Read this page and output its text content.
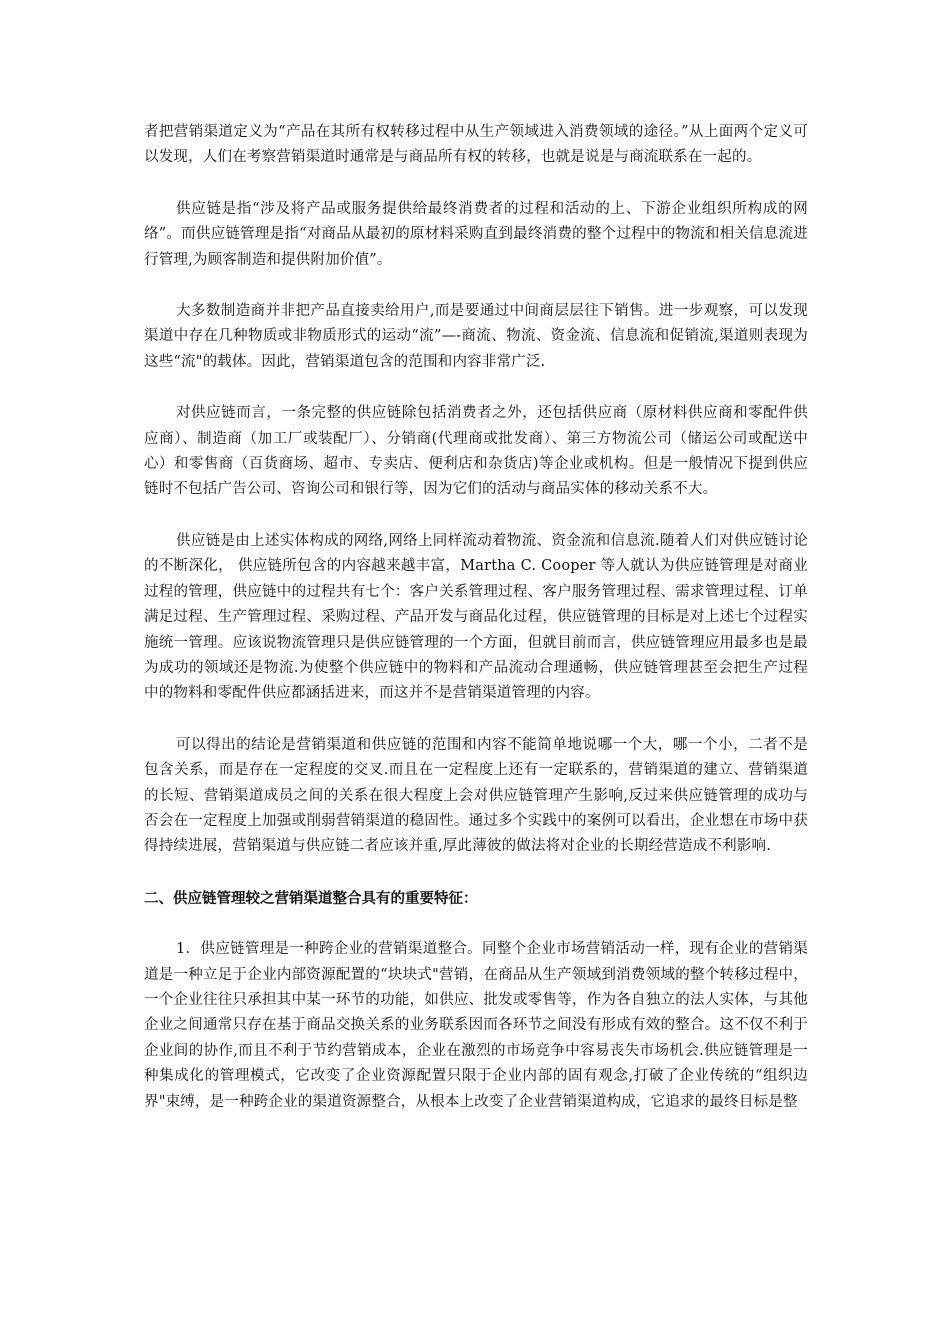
者把营销渠道定义为“产品在其所有权转移过程中从生产领域进入消费领域的途径。”从上面两个定义可以发现，人们在考察营销渠道时通常是与商品所有权的转移，也就是说是与商流联系在一起的。

供应链是指“涉及将产品或服务提供给最终消费者的过程和活动的上、下游企业组织所构成的网络”。而供应链管理是指“对商品从最初的原材料采购直到最终消费的整个过程中的物流和相关信息流进行管理,为顾客制造和提供附加价值”。

大多数制造商并非把产品直接卖给用户,而是要通过中间商层层往下销售。进一步观察，可以发现渠道中存在几种物质或非物质形式的运动“流”—-商流、物流、资金流、信息流和促销流,渠道则表现为这些“流"的载体。因此，营销渠道包含的范围和内容非常广泛.

对供应链而言，一条完整的供应链除包括消费者之外，还包括供应商（原材料供应商和零配件供应商）、制造商（加工厂或装配厂）、分销商(代理商或批发商）、第三方物流公司（储运公司或配送中心）和零售商（百货商场、超市、专卖店、便利店和杂货店)等企业或机构。但是一般情况下提到供应链时不包括广告公司、咨询公司和银行等，因为它们的活动与商品实体的移动关系不大。

供应链是由上述实体构成的网络,网络上同样流动着物流、资金流和信息流.随着人们对供应链讨论的不断深化， 供应链所包含的内容越来越丰富，Martha C. Cooper 等人就认为供应链管理是对商业过程的管理，供应链中的过程共有七个：客户关系管理过程、客户服务管理过程、需求管理过程、订单满足过程、生产管理过程、采购过程、产品开发与商品化过程，供应链管理的目标是对上述七个过程实施统一管理。应该说物流管理只是供应链管理的一个方面，但就目前而言，供应链管理应用最多也是最为成功的领域还是物流.为使整个供应链中的物料和产品流动合理通畅，供应链管理甚至会把生产过程中的物料和零配件供应都涵括进来，而这并不是营销渠道管理的内容。

可以得出的结论是营销渠道和供应链的范围和内容不能简单地说哪一个大，哪一个小，二者不是包含关系，而是存在一定程度的交叉.而且在一定程度上还有一定联系的，营销渠道的建立、营销渠道的长短、营销渠道成员之间的关系在很大程度上会对供应链管理产生影响,反过来供应链管理的成功与否会在一定程度上加强或削弱营销渠道的稳固性。通过多个实践中的案例可以看出，企业想在市场中获得持续进展，营销渠道与供应链二者应该并重,厚此薄彼的做法将对企业的长期经营造成不利影响.

二、供应链管理较之营销渠道整合具有的重要特征：

1．供应链管理是一种跨企业的营销渠道整合。同整个企业市场营销活动一样，现有企业的营销渠道是一种立足于企业内部资源配置的“块块式"营销，在商品从生产领域到消费领域的整个转移过程中，一个企业往往只承担其中某一环节的功能，如供应、批发或零售等，作为各自独立的法人实体，与其他企业之间通常只存在基于商品交换关系的业务联系因而各环节之间没有形成有效的整合。这不仅不利于企业间的协作,而且不利于节约营销成本，企业在激烈的市场竞争中容易丧失市场机会.供应链管理是一种集成化的管理模式，它改变了企业资源配置只限于企业内部的固有观念,打破了企业传统的“组织边界"束缚，是一种跨企业的渠道资源整合，从根本上改变了企业营销渠道构成，它追求的最终目标是整
